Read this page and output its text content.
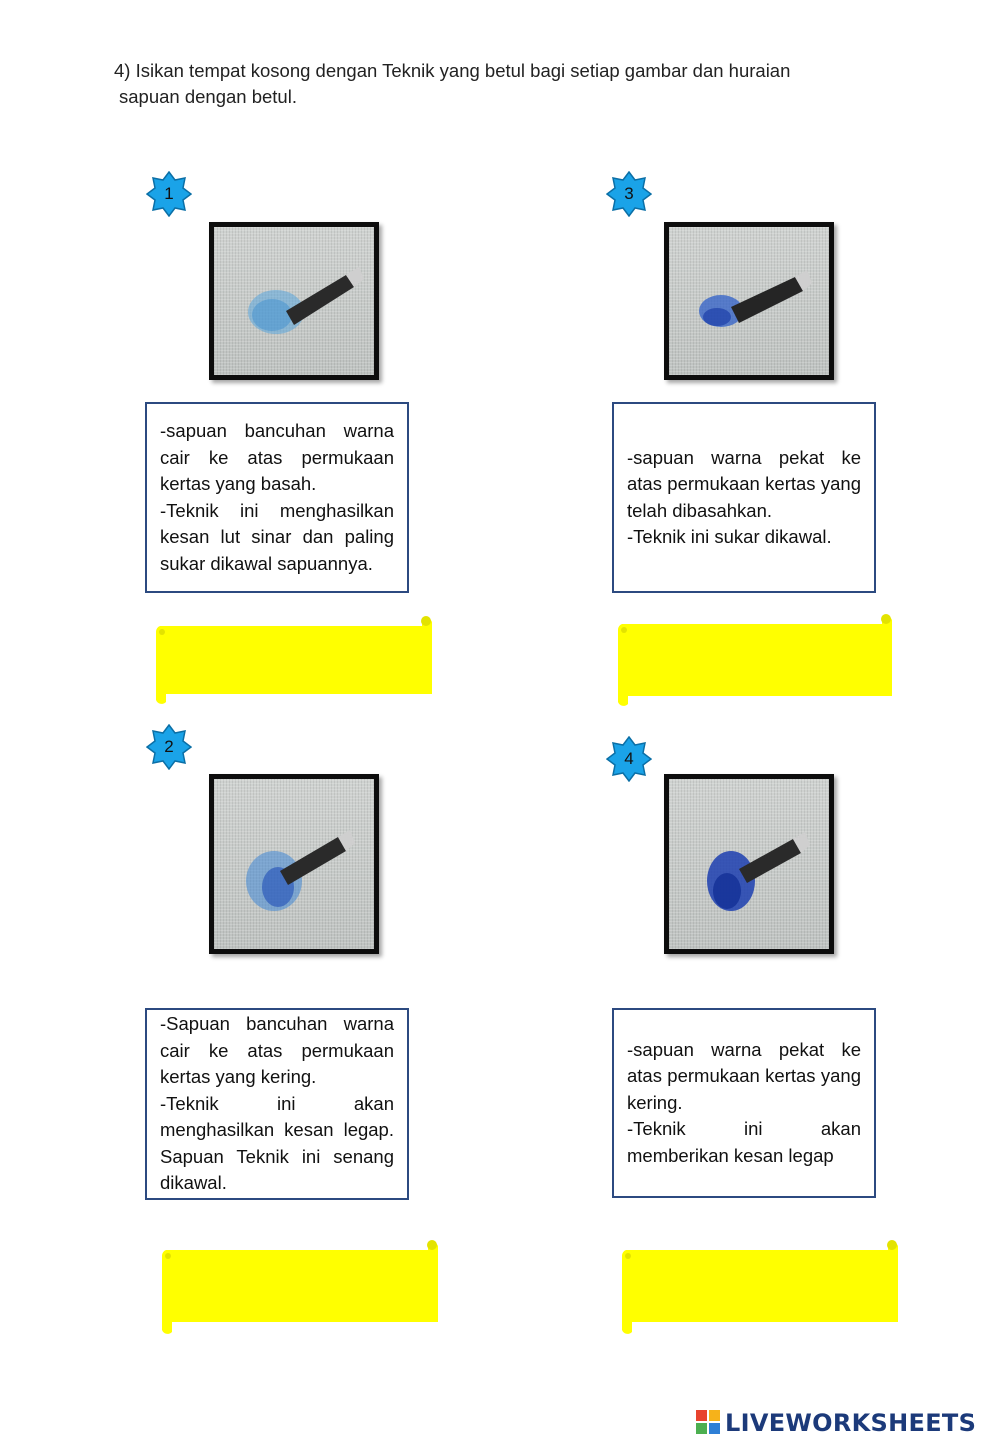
4) Isikan tempat kosong dengan Teknik yang betul bagi setiap gambar dan huraian
sapuan dengan betul.
1
-sapuan bancuhan warna cair ke atas permukaan kertas yang basah.
-Teknik ini menghasilkan kesan lut sinar dan paling sukar dikawal sapuannya.
3
-sapuan warna pekat ke atas permukaan kertas yang telah dibasahkan.
-Teknik ini sukar dikawal.
2
-Sapuan bancuhan warna cair ke atas permukaan kertas yang kering.
-Teknik ini akan menghasilkan kesan legap. Sapuan Teknik ini senang dikawal.
4
-sapuan warna pekat ke atas permukaan kertas yang kering.
-Teknik ini akan memberikan kesan legap
LIVEWORKSHEETS
